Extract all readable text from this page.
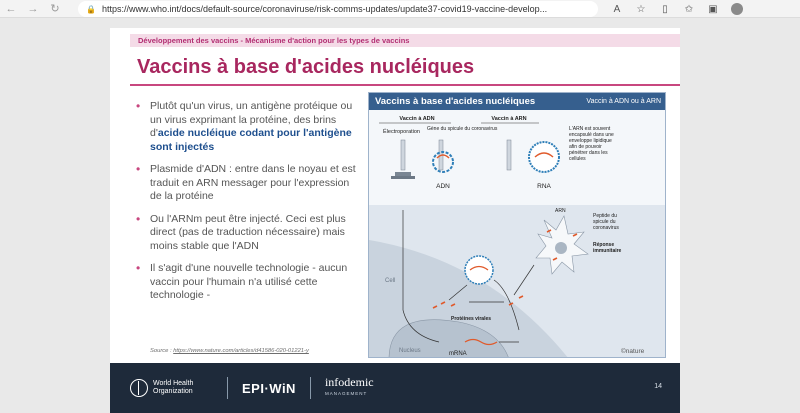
←	→	↻	🔒 https://www.who.int/docs/default-source/coronaviruse/risk-comms-updates/update37-covid19-vaccine-develop...	A	☆	▯	✩	▣
Développement des vaccins - Mécanisme d'action pour les types de vaccins
Vaccins à base d'acides nucléiques
• Plutôt qu'un virus, un antigène protéique ou un virus exprimant la protéine, des brins d'acide nucléique codant pour l'antigène sont injectés
• Plasmide d'ADN : entre dans le noyau et est traduit en ARN messager pour l'expression de la protéine
• Ou l'ARNm peut être injecté. Ceci est plus direct (pas de traduction nécessaire) mais moins stable que l'ADN
• Il s'agit d'une nouvelle technologie - aucun vaccin pour l'humain n'a utilisé cette technologie -
Source : https://www.nature.com/articles/d41586-020-01221-y
Vaccins à base d'acides nucléiques	Vaccin à ADN ou à ARN
Vaccin à ADN	Vaccin à ARN
Électroporation Gène du spicule du coronavirus
ADN	RNA
L'ARN est souvent encapsulé dans une enveloppe lipidique afin de pouvoir pénétrer dans les cellules
Cell
Nucleus	mRNA
Protéines virales
ARN
Peptide du spicule du coronavirus
Réponse immunitaire
©nature
World Health
Organization	EPI·WiN infodemic
MANAGEMENT
14
